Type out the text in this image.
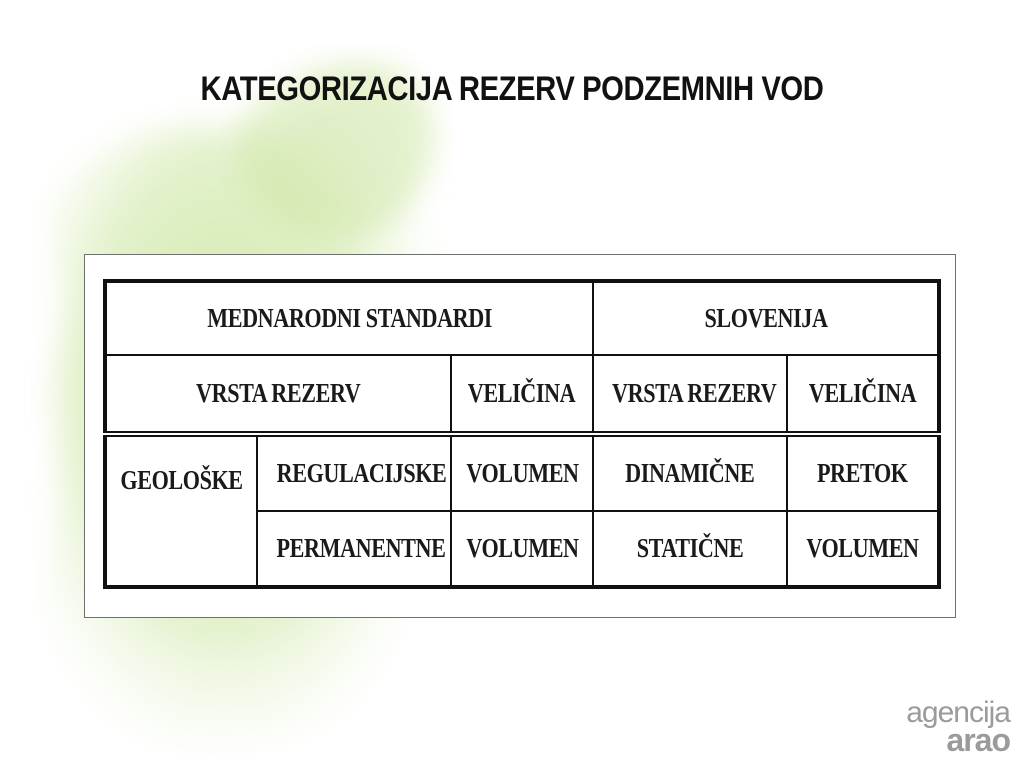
KATEGORIZACIJA REZERV PODZEMNIH VOD
MEDNARODNI STANDARDI			SLOVENIJA	
VRSTA REZERV		VELIČINA	VRSTA REZERV	VELIČINA
GEOLOŠKE	REGULACIJSKE	VOLUMEN	DINAMIČNE	PRETOK
	PERMANENTNE	VOLUMEN	STATIČNE	VOLUMEN
agencija
arao
